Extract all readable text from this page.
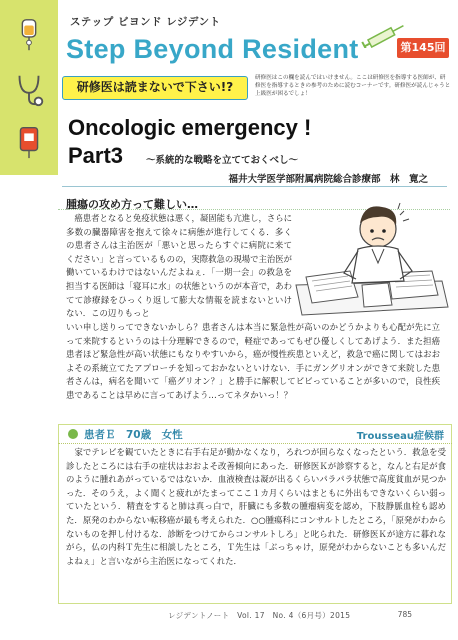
ステップ ビヨンド レジデント
Step Beyond Resident	第145回
研修医は読まないで下さい!?
研修医はこの欄を読んではいけません。ここは研修医を指導する医師が、研修医を指導するときの参考のために読むコーナーです。研修医が読んじゃうと上級医が困るでしょ！
Oncologic emergency !
Part3 ～系統的な戦略を立てておくべし～
福井大学医学部附属病院総合診療部　林　寛之
腫瘍の攻め方って難しい…
　癌患者となると免疫状態は悪く，凝固能も亢進し，さらに多数の臓器障害を抱えて徐々に病態が進行してくる．多くの患者さんは主治医が「悪いと思ったらすぐに病院に来てください」と言っているものの，実際救急の現場で主治医が働いているわけではないんだよねぇ．「一期一会」の救急を担当する医師は「寝耳に水」の状態というのが本音で，あわてて診療録をひっくり返して膨大な情報を読まないといけない．この辺りもっと
いい申し送りってできないかしら？患者さんは本当に緊急性が高いのかどうかよりも心配が先に立って来院するというのは十分理解できるので，軽症であってもぜひ優しくしてあげよう．また担癌患者ほど緊急性が高い状態にもなりやすいから，癌が慢性疾患といえど，救急で癌に関してはおおよその系統立てたアプローチを知っておかないといけない．手にガングリオンができて来院した患者さんは，病名を聞いて「癌グリオン？」と勝手に解釈してビビっていることが多いので，良性疾患であることは早めに言ってあげよう…ってネタかいっ！？
患者Ｅ　70歳　女性	Trousseau症候群
　家でテレビを観ていたときに右手右足が動かなくなり，ろれつが回らなくなったという．救急を受診したところには右手の症状はおおよそ改善傾向にあった．研修医Ｋが診察すると，なんと右足が食のように腫れあがっているではないか．血液検査は凝が出るくらいパラパラ状態で高度貧血が見つかった．そのうえ，よく聞くと疲れがたまってここ１カ月くらいはまともに外出もできないくらい弱っていたという．精査をすると肺は真っ白で，肝臓にも多数の腫瘤病変を認め，下肢静脈血栓も認めた．原発のわからない転移癌が最も考えられた．○○腫瘍科にコンサルトしたところ，「原発がわからないものを押し付けるな．診断をつけてからコンサルトしろ」と叱られた．研修医Ｋが途方に暮れながら，仏の内科Ｔ先生に相談したところ，Ｔ先生は「ぶっちゃけ，原発がわからないことも多いんだよねぇ」と言いながら主治医になってくれた．
レジデントノート　Vol. 17　No. 4（6月号）2015	785
